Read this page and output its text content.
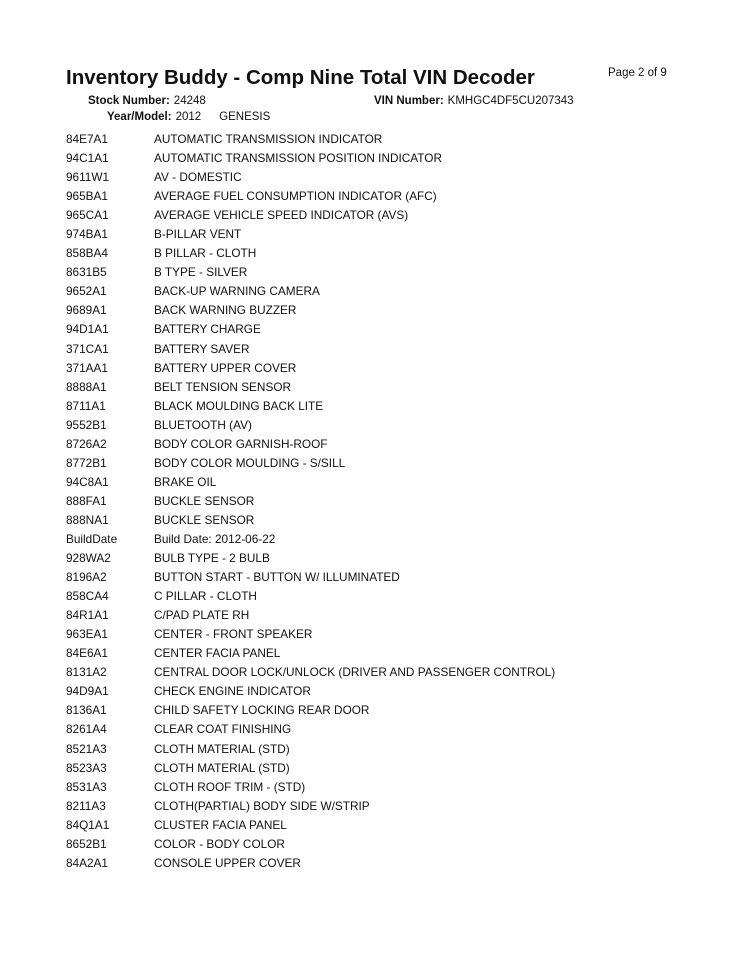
Inventory Buddy - Comp Nine Total VIN Decoder	Page 2 of 9
Stock Number: 24248	VIN Number: KMHGC4DF5CU207343
Year/Model: 2012 GENESIS
84E7A1	AUTOMATIC TRANSMISSION INDICATOR
94C1A1	AUTOMATIC TRANSMISSION POSITION INDICATOR
9611W1	AV - DOMESTIC
965BA1	AVERAGE FUEL CONSUMPTION INDICATOR (AFC)
965CA1	AVERAGE VEHICLE SPEED INDICATOR (AVS)
974BA1	B-PILLAR VENT
858BA4	B PILLAR - CLOTH
8631B5	B TYPE - SILVER
9652A1	BACK-UP WARNING CAMERA
9689A1	BACK WARNING BUZZER
94D1A1	BATTERY CHARGE
371CA1	BATTERY SAVER
371AA1	BATTERY UPPER COVER
8888A1	BELT TENSION SENSOR
8711A1	BLACK MOULDING BACK LITE
9552B1	BLUETOOTH (AV)
8726A2	BODY COLOR GARNISH-ROOF
8772B1	BODY COLOR MOULDING - S/SILL
94C8A1	BRAKE OIL
888FA1	BUCKLE SENSOR
888NA1	BUCKLE SENSOR
BuildDate	Build Date: 2012-06-22
928WA2	BULB TYPE - 2 BULB
8196A2	BUTTON START - BUTTON W/ ILLUMINATED
858CA4	C PILLAR - CLOTH
84R1A1	C/PAD PLATE RH
963EA1	CENTER - FRONT SPEAKER
84E6A1	CENTER FACIA PANEL
8131A2	CENTRAL DOOR LOCK/UNLOCK (DRIVER AND PASSENGER CONTROL)
94D9A1	CHECK ENGINE INDICATOR
8136A1	CHILD SAFETY LOCKING REAR DOOR
8261A4	CLEAR COAT FINISHING
8521A3	CLOTH MATERIAL (STD)
8523A3	CLOTH MATERIAL (STD)
8531A3	CLOTH ROOF TRIM - (STD)
8211A3	CLOTH(PARTIAL) BODY SIDE W/STRIP
84Q1A1	CLUSTER FACIA PANEL
8652B1	COLOR - BODY COLOR
84A2A1	CONSOLE UPPER COVER
